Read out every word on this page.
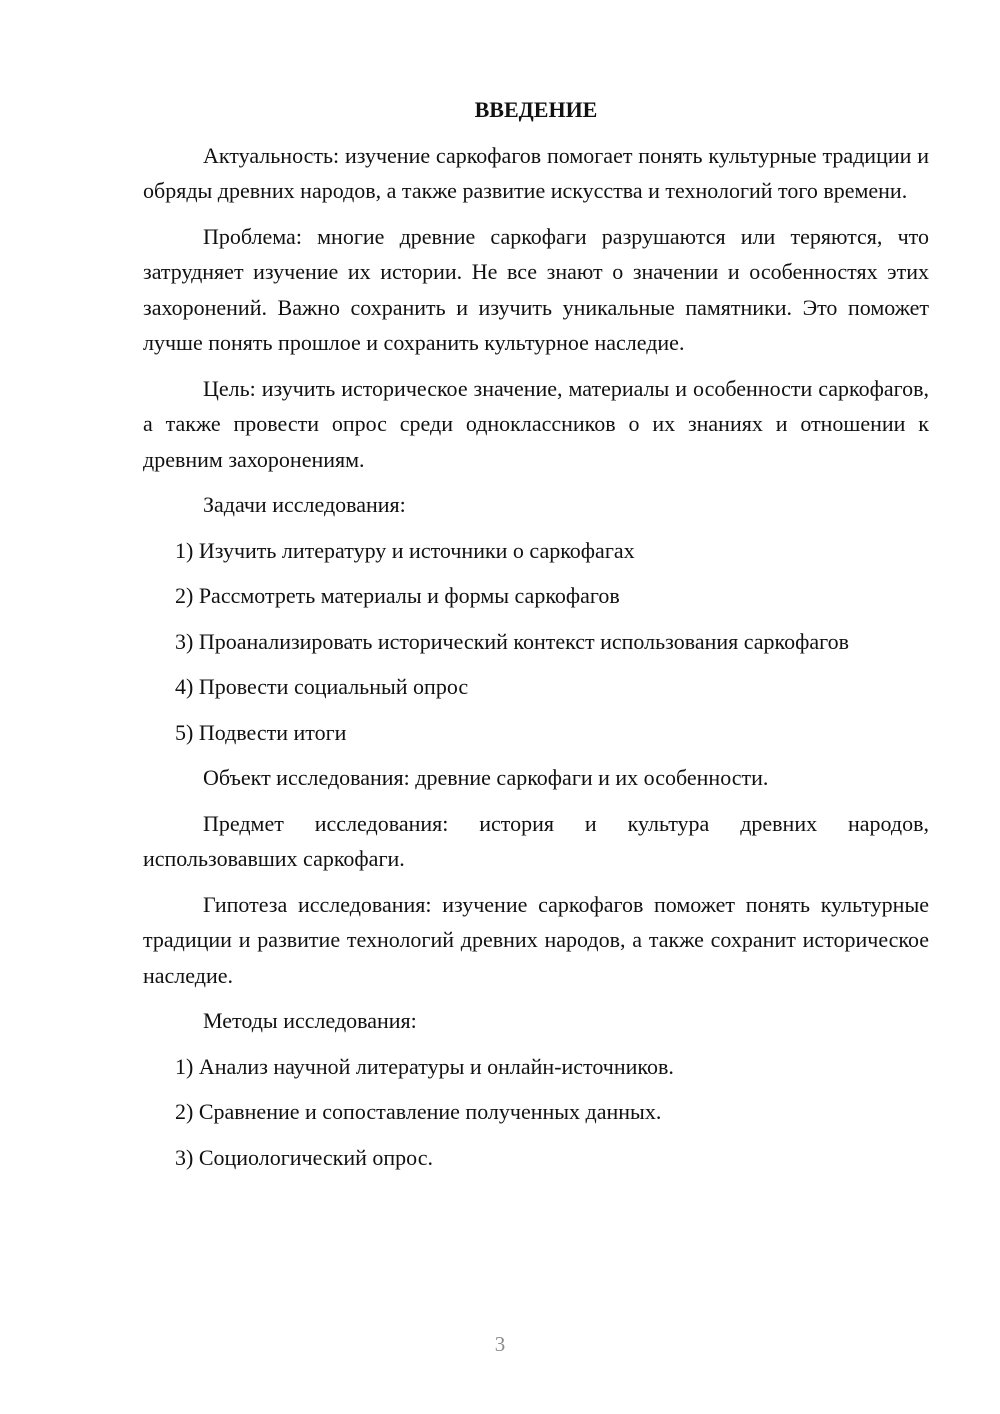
ВВЕДЕНИЕ

Актуальность: изучение саркофагов помогает понять культурные традиции и обряды древних народов, а также развитие искусства и технологий того времени.

Проблема: многие древние саркофаги разрушаются или теряются, что затрудняет изучение их истории. Не все знают о значении и особенностях этих захоронений. Важно сохранить и изучить уникальные памятники. Это поможет лучше понять прошлое и сохранить культурное наследие.

Цель: изучить историческое значение, материалы и особенности саркофагов, а также провести опрос среди одноклассников о их знаниях и отношении к древним захоронениям.

Задачи исследования:

1) Изучить литературу и источники о саркофагах

2) Рассмотреть материалы и формы саркофагов

3) Проанализировать исторический контекст использования саркофагов

4) Провести социальный опрос

5) Подвести итоги

Объект исследования: древние саркофаги и их особенности.

Предмет исследования: история и культура древних народов, использовавших саркофаги.

Гипотеза исследования: изучение саркофагов поможет понять культурные традиции и развитие технологий древних народов, а также сохранит историческое наследие.

Методы исследования:

1) Анализ научной литературы и онлайн-источников.

2) Сравнение и сопоставление полученных данных.

3) Социологический опрос.

3
